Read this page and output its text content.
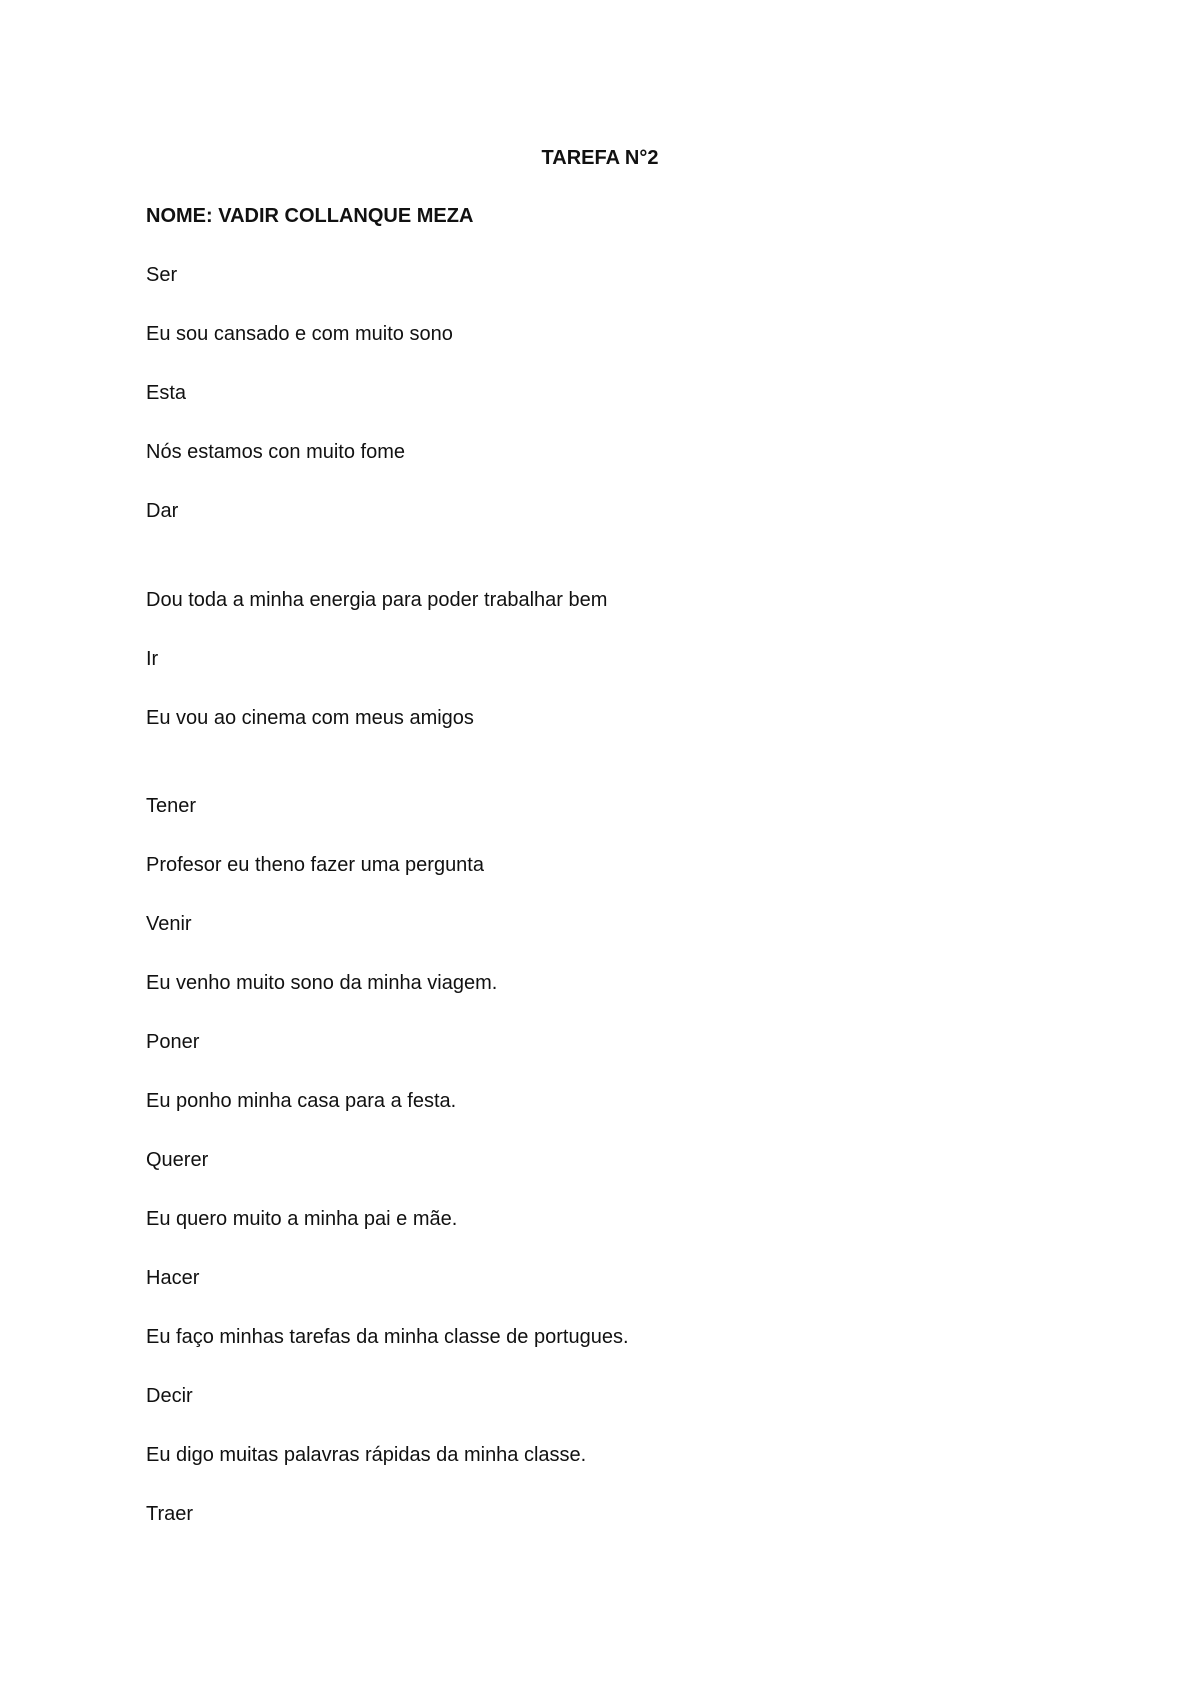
TAREFA N°2

NOME: VADIR COLLANQUE MEZA

Ser

Eu sou cansado e com muito sono

Esta

Nós estamos con muito fome

Dar

Dou toda a minha energia para poder trabalhar bem

Ir

Eu vou ao cinema com meus amigos

Tener

Profesor eu theno fazer uma pergunta

Venir

Eu venho muito sono da minha viagem.

Poner

Eu ponho minha casa para a festa.

Querer

Eu quero muito a minha pai e mãe.

Hacer

Eu faço minhas tarefas da minha classe de portugues.

Decir

Eu digo muitas palavras rápidas da minha classe.

Traer
